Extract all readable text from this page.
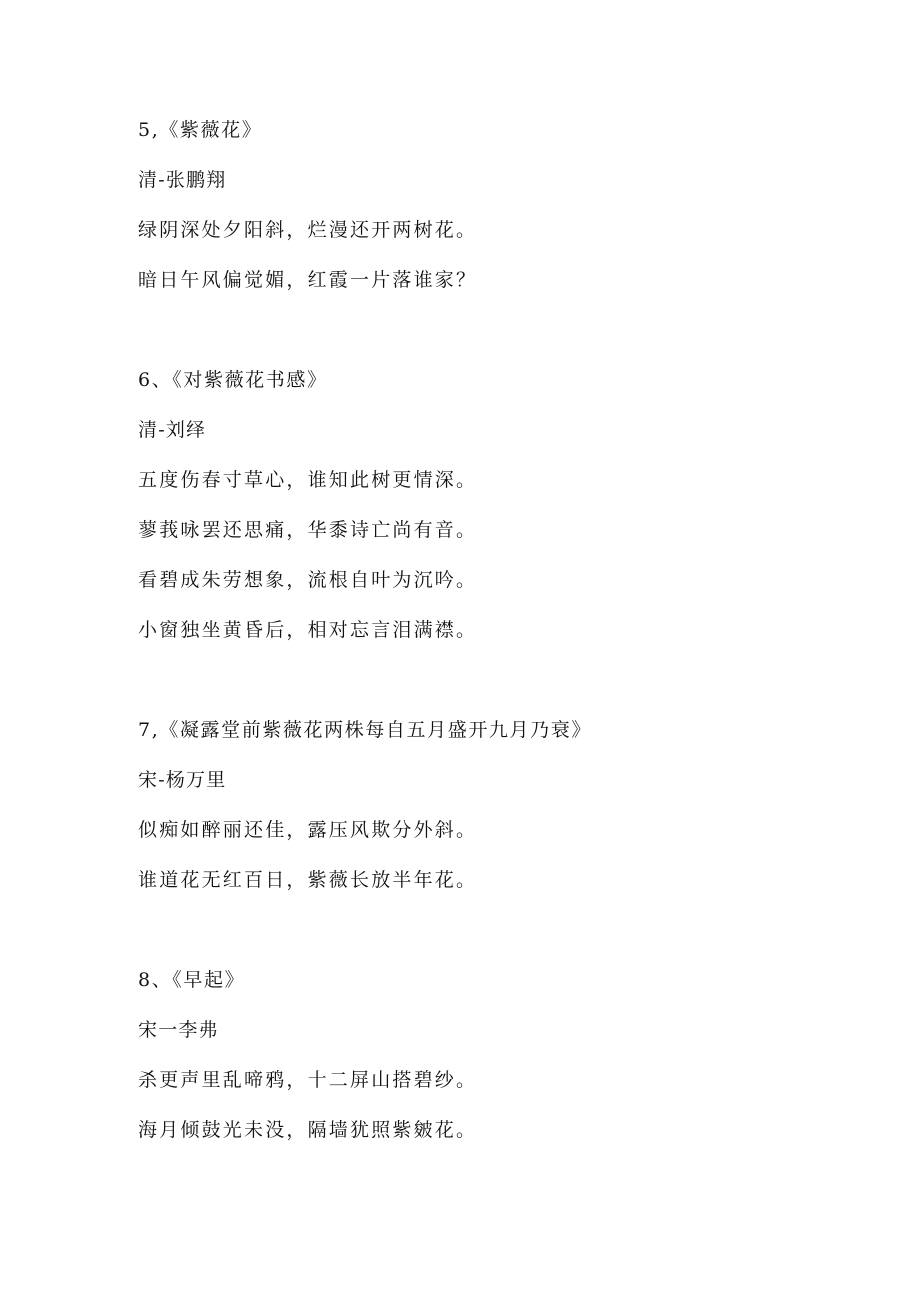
5,《紫薇花》
清-张鹏翔
绿阴深处夕阳斜，烂漫还开两树花。
暗日午风偏觉媚，红霞一片落谁家？
6、《对紫薇花书感》
清-刘绎
五度伤春寸草心，谁知此树更情深。
蓼莪咏罢还思痛，华黍诗亡尚有音。
看碧成朱劳想象，流根自叶为沉吟。
小窗独坐黄昏后，相对忘言泪满襟。
7,《凝露堂前紫薇花两株每自五月盛开九月乃衰》
宋-杨万里
似痴如醉丽还佳，露压风欺分外斜。
谁道花无红百日，紫薇长放半年花。
8、《早起》
宋一李弗
杀更声里乱啼鸦，十二屏山搭碧纱。
海月倾鼓光未没，隔墙犹照紫皴花。
